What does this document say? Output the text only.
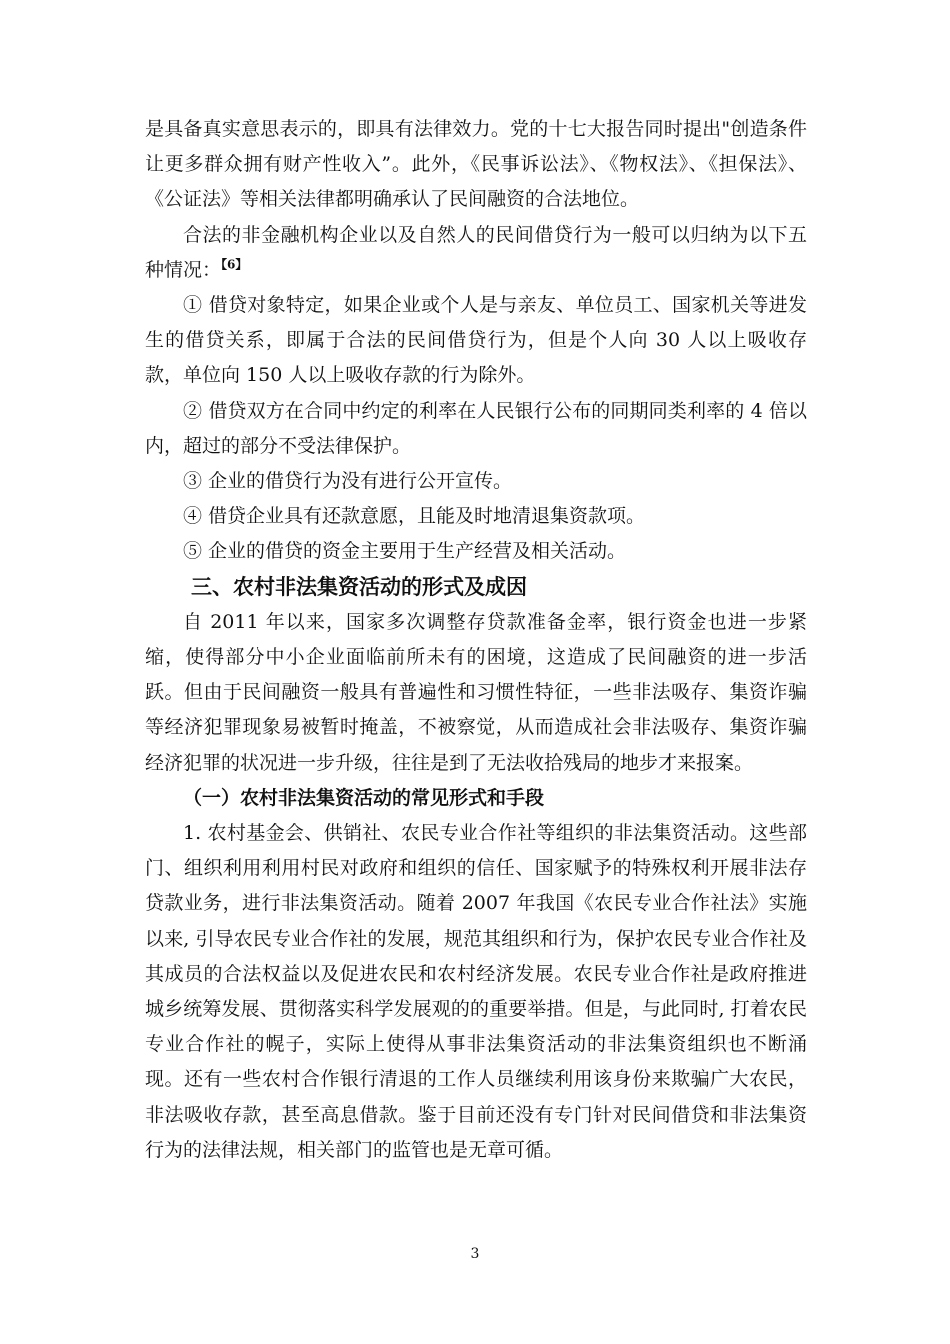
是具备真实意思表示的，即具有法律效力。党的十七大报告同时提出"创造条件让更多群众拥有财产性收入”。此外，《民事诉讼法》、《物权法》、《担保法》、《公证法》等相关法律都明确承认了民间融资的合法地位。

合法的非金融机构企业以及自然人的民间借贷行为一般可以归纳为以下五种情况：$^{【6】}$

① 借贷对象特定，如果企业或个人是与亲友、单位员工、国家机关等进发生的借贷关系，即属于合法的民间借贷行为，但是个人向 30 人以上吸收存款，单位向 150 人以上吸收存款的行为除外。

② 借贷双方在合同中约定的利率在人民银行公布的同期同类利率的 4 倍以内，超过的部分不受法律保护。

③ 企业的借贷行为没有进行公开宣传。

④ 借贷企业具有还款意愿，且能及时地清退集资款项。

⑤ 企业的借贷的资金主要用于生产经营及相关活动。

三、农村非法集资活动的形式及成因

自 2011 年以来，国家多次调整存贷款准备金率，银行资金也进一步紧缩，使得部分中小企业面临前所未有的困境，这造成了民间融资的进一步活跃。但由于民间融资一般具有普遍性和习惯性特征，一些非法吸存、集资诈骗等经济犯罪现象易被暂时掩盖，不被察觉，从而造成社会非法吸存、集资诈骗经济犯罪的状况进一步升级，往往是到了无法收拾残局的地步才来报案。

（一）农村非法集资活动的常见形式和手段

1. 农村基金会、供销社、农民专业合作社等组织的非法集资活动。这些部门、组织利用利用村民对政府和组织的信任、国家赋予的特殊权利开展非法存贷款业务，进行非法集资活动。随着 2007 年我国《农民专业合作社法》实施以来, 引导农民专业合作社的发展，规范其组织和行为，保护农民专业合作社及其成员的合法权益以及促进农民和农村经济发展。农民专业合作社是政府推进城乡统筹发展、贯彻落实科学发展观的的重要举措。但是，与此同时, 打着农民专业合作社的幌子，实际上使得从事非法集资活动的非法集资组织也不断涌现。还有一些农村合作银行清退的工作人员继续利用该身份来欺骗广大农民，非法吸收存款，甚至高息借款。鉴于目前还没有专门针对民间借贷和非法集资行为的法律法规，相关部门的监管也是无章可循。

3
